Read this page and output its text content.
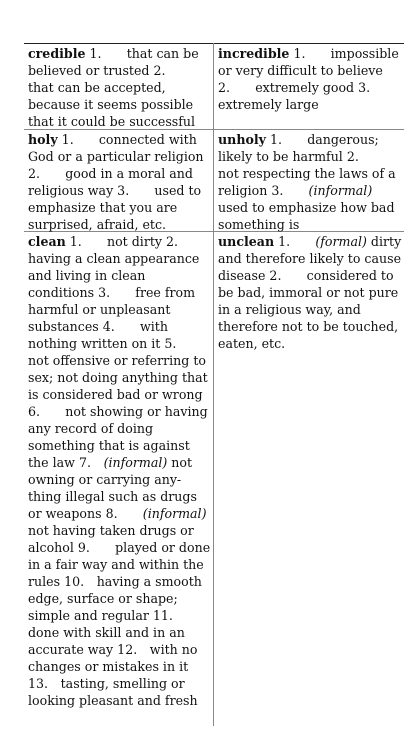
credible 1.  that can be believed or trusted 2.  that can be accepted, because it seems possible that it could be successful
incredible 1.  impossible or very difficult to believe 2.  extremely good 3.  extremely large
holy 1.  connected with God or a particular religion 2.  good in a moral and religious way 3.  used to emphasize that you are surprised, afraid, etc.
unholy 1.  dangerous; likely to be harmful 2.  not respecting the laws of a religion 3.  (informal) used to emphasize how bad something is
clean 1.  not dirty 2.  having a clean appearance and living in clean conditions 3.  free from harmful or unpleasant substances 4.  with nothing written on it 5.  not offensive or referring to sex; not doing anything that is considered bad or wrong 6.  not showing or having any record of doing something that is against the law 7. (informal) not owning or carrying any- thing illegal such as drugs or weapons 8.  (informal) not having taken drugs or alcohol 9.  played or done in a fair way and within the rules 10. having a smooth edge, surface or shape; simple and regular 11. done with skill and in an accurate way 12. with no changes or mistakes in it 13. tasting, smelling or looking pleasant and fresh
unclean 1.  (formal) dirty and therefore likely to cause disease 2.  considered to be bad, immoral or not pure in a religious way, and therefore not to be touched, eaten, etc.
